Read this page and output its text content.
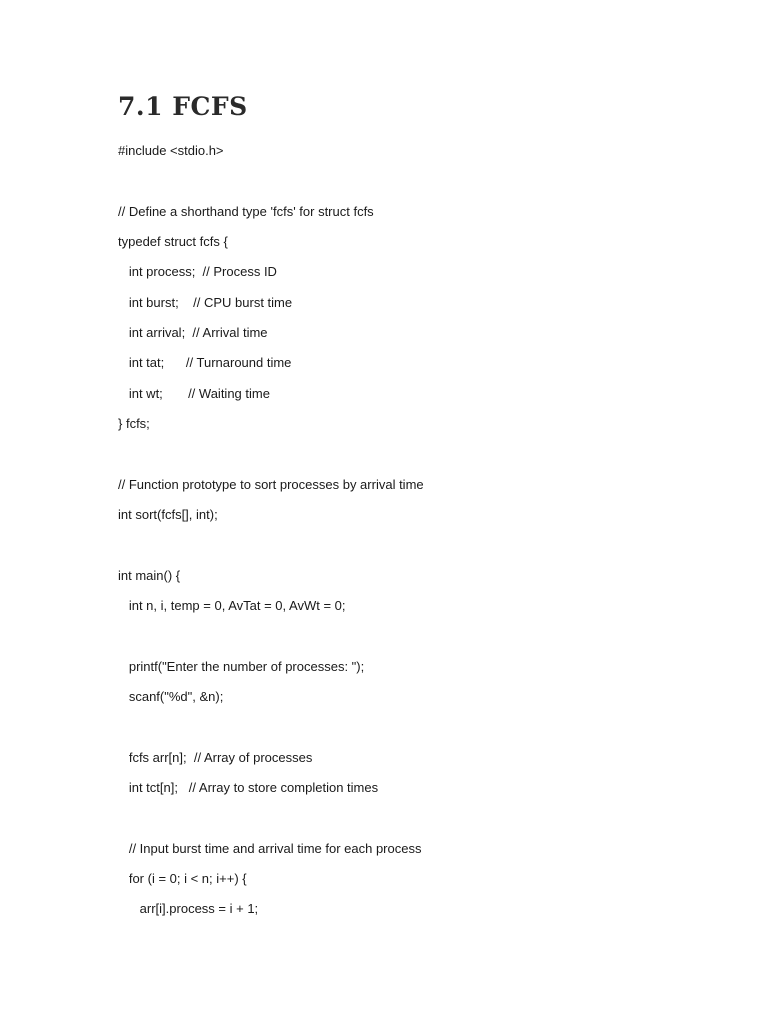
7.1 FCFS
#include <stdio.h>
// Define a shorthand type 'fcfs' for struct fcfs
typedef struct fcfs {
int process;  // Process ID
int burst;    // CPU burst time
int arrival;  // Arrival time
int tat;      // Turnaround time
int wt;       // Waiting time
} fcfs;
// Function prototype to sort processes by arrival time
int sort(fcfs[], int);
int main() {
int n, i, temp = 0, AvTat = 0, AvWt = 0;
printf("Enter the number of processes: ");
scanf("%d", &n);
fcfs arr[n];  // Array of processes
int tct[n];   // Array to store completion times
// Input burst time and arrival time for each process
for (i = 0; i < n; i++) {
arr[i].process = i + 1;
